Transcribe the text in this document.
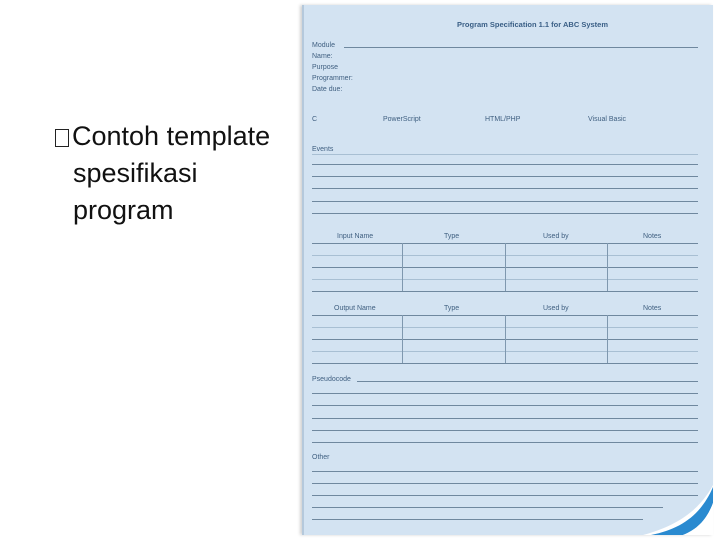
Contoh template
spesifikasi
program
Program Specification 1.1 for ABC System
Module
Name:
Purpose
Programmer:
Date due:
C	PowerScript	HTML/PHP	Visual Basic
Events
Input Name	Type	Used by	Notes
Output Name	Type	Used by	Notes
Pseudocode
Other
